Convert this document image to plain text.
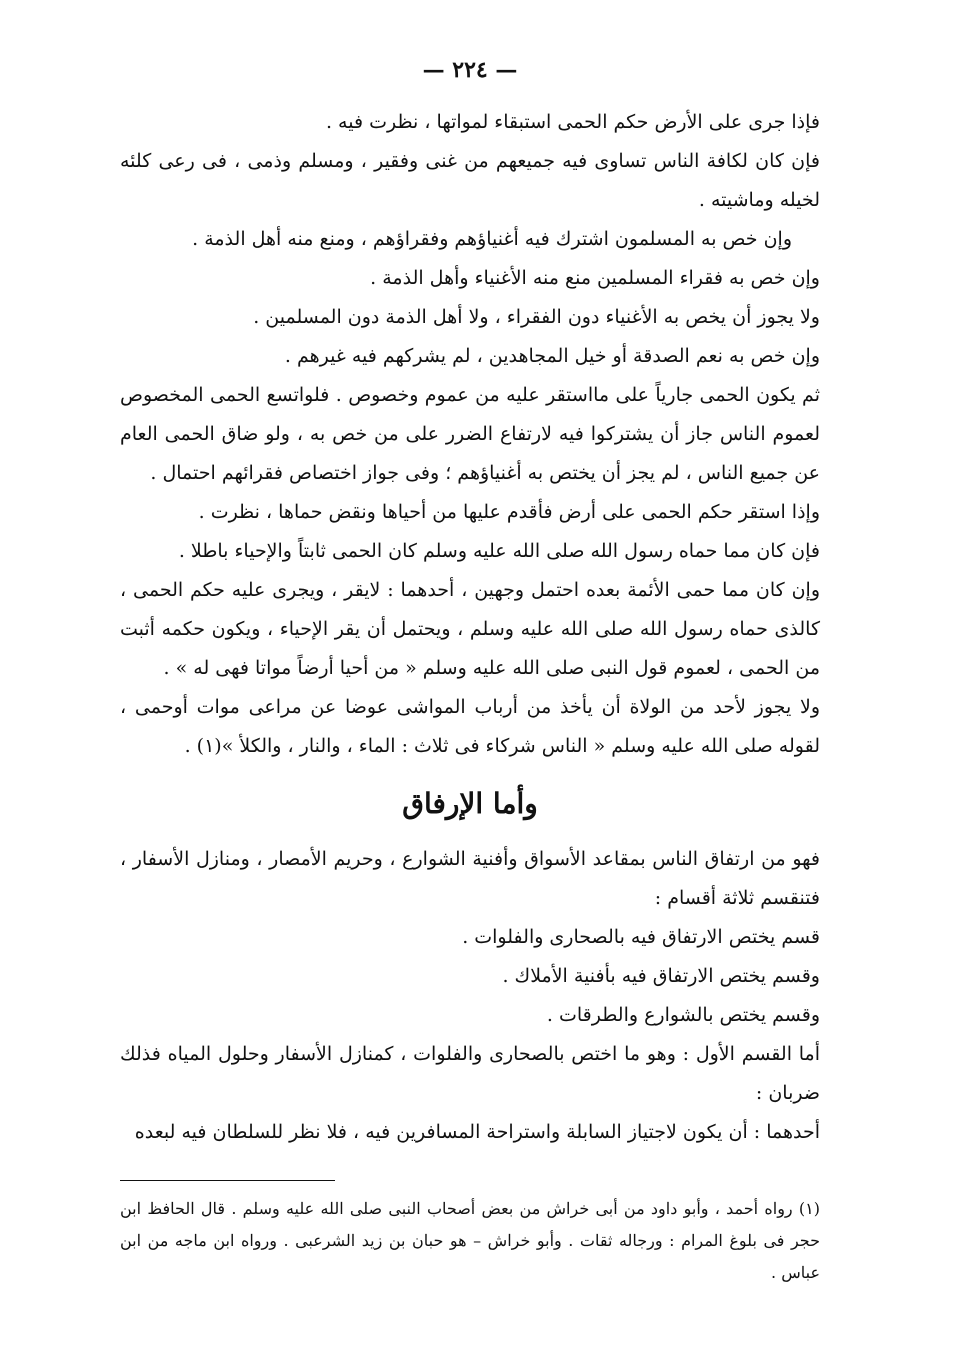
— ٢٢٤ —

فإذا جرى على الأرض حكم الحمى استبقاء لمواتها ، نظرت فيه .

فإن كان لكافة الناس تساوى فيه جميعهم من غنى وفقير ، ومسلم وذمى ، فى رعى كلئه لخيله وماشيته .

وإن خص به المسلمون اشترك فيه أغنياؤهم وفقراؤهم ، ومنع منه أهل الذمة .

وإن خص به فقراء المسلمين منع منه الأغنياء وأهل الذمة .

ولا يجوز أن يخص به الأغنياء دون الفقراء ، ولا أهل الذمة دون المسلمين .

وإن خص به نعم الصدقة أو خيل المجاهدين ، لم يشركهم فيه غيرهم .

ثم يكون الحمى جارياً على مااستقر عليه من عموم وخصوص . فلواتسع الحمى المخصوص لعموم الناس جاز أن يشتركوا فيه لارتفاع الضرر على من خص به ، ولو ضاق الحمى العام عن جميع الناس ، لم يجز أن يختص به أغنياؤهم ؛ وفى جواز اختصاص فقرائهم احتمال .

وإذا استقر حكم الحمى على أرض فأقدم عليها من أحياها ونقض حماها ، نظرت .

فإن كان مما حماه رسول الله صلى الله عليه وسلم كان الحمى ثابتاً والإحياء باطلا .

وإن كان مما حمى الأئمة بعده احتمل وجهين ، أحدهما : لايقر ، ويجرى عليه حكم الحمى ، كالذى حماه رسول الله صلى الله عليه وسلم ، ويحتمل أن يقر الإحياء ، ويكون حكمه أثبت من الحمى ، لعموم قول النبى صلى الله عليه وسلم « من أحيا أرضاً مواتا فهى له » .

ولا يجوز لأحد من الولاة أن يأخذ من أرباب المواشى عوضا عن مراعى موات أوحمى ، لقوله صلى الله عليه وسلم « الناس شركاء فى ثلاث : الماء ، والنار ، والكلأ »(١) .

وأما الإرفاق

فهو من ارتفاق الناس بمقاعد الأسواق وأفنية الشوارع ، وحريم الأمصار ، ومنازل الأسفار ، فتنقسم ثلاثة أقسام :

قسم يختص الارتفاق فيه بالصحارى والفلوات .

وقسم يختص الارتفاق فيه بأفنية الأملاك .

وقسم يختص بالشوارع والطرقات .

أما القسم الأول : وهو ما اختص بالصحارى والفلوات ، كمنازل الأسفار وحلول المياه فذلك ضربان :

أحدهما : أن يكون لاجتياز السابلة واستراحة المسافرين فيه ، فلا نظر للسلطان فيه لبعده

(١) رواه أحمد ، وأبو داود من أبى خراش من بعض أصحاب النبى صلى الله عليه وسلم . قال الحافظ ابن حجر فى بلوغ المرام : ورجاله ثقات . وأبو خراش – هو حبان بن زيد الشرعبى . ورواه ابن ماجه من ابن عباس .
